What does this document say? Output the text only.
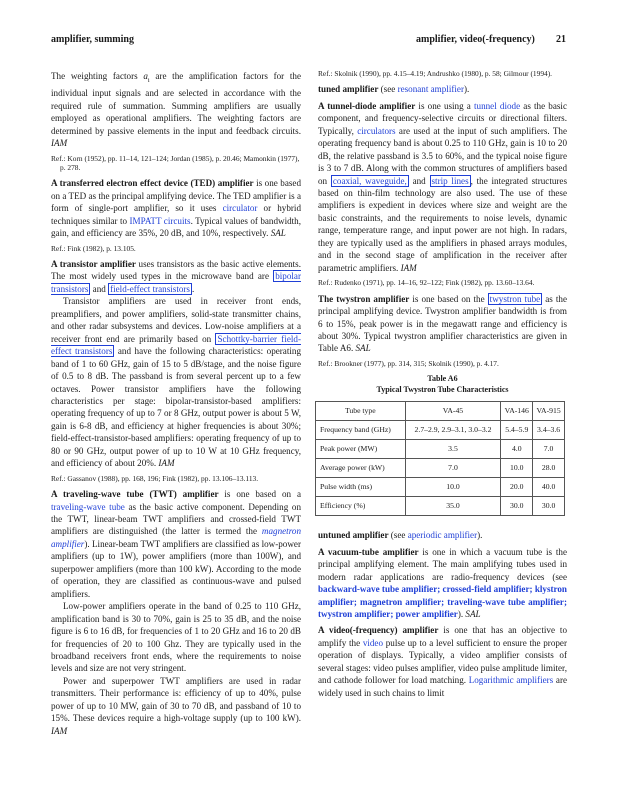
amplifier, summing	amplifier, video(-frequency) 21

The weighting factors $a_i$ are the amplification factors for the individual input signals and are selected in accordance with the required rule of summation. Summing amplifiers are usually employed as operational amplifiers. The weighting factors are determined by passive elements in the input and feedback circuits. IAM

Ref.: Korn (1952), pp. 11–14, 121–124; Jordan (1985), p. 20.46; Mamonkin (1977), p. 278.

A transferred electron effect device (TED) amplifier is one based on a TED as the principal amplifying device. The TED amplifier is a form of single-port amplifier, so it uses circulator or hybrid techniques similar to IMPATT circuits. Typical values of bandwidth, gain, and efficiency are 35%, 20 dB, and 10%, respectively. SAL

Ref.: Fink (1982), p. 13.105.

A transistor amplifier uses transistors as the basic active elements. The most widely used types in the microwave band are bipolar transistors and field-effect transistors .

Transistor amplifiers are used in receiver front ends, preamplifiers, and power amplifiers, solid-state transmitter chains, and other radar subsystems and devices. Low-noise amplifiers at a receiver front end are primarily based on Schottky-barrier field-effect transistors and have the following characteristics: operating band of 1 to 60 GHz, gain of 15 to 5 dB/stage, and the noise figure of 0.5 to 8 dB. The passband is from several percent up to a few octaves. Power transistor amplifiers have the following characteristics per stage: bipolar-transistor-based amplifiers: operating frequency of up to 7 or 8 GHz, output power is about 5 W, gain is 6-8 dB, and efficiency at higher frequencies is about 30%; field-effect-transistor-based amplifiers: operating frequency of up to 80 or 90 GHz, output power of up to 10 W at 10 GHz frequency, and efficiency of about 20%. IAM

Ref.: Gassanov (1988), pp. 168, 196; Fink (1982), pp. 13.106–13.113.

A traveling-wave tube (TWT) amplifier is one based on a traveling-wave tube as the basic active component. Depending on the TWT, linear-beam TWT amplifiers and crossed-field TWT amplifiers are distinguished (the latter is termed the magnetron amplifier). Linear-beam TWT amplifiers are classified as low-power amplifiers (up to 1W), power amplifiers (more than 100W), and superpower amplifiers (more than 100 kW). According to the mode of operation, they are classified as continuous-wave and pulsed amplifiers.

Low-power amplifiers operate in the band of 0.25 to 110 GHz, amplification band is 30 to 70%, gain is 25 to 35 dB, and the noise figure is 6 to 16 dB, for frequencies of 1 to 20 GHz and 16 to 20 dB for frequencies of 20 to 100 Ghz. They are typically used in the broadband receivers front ends, where the requirements to noise levels and size are not very stringent.

Power and superpower TWT amplifiers are used in radar transmitters. Their performance is: efficiency of up to 40%, pulse power of up to 10 MW, gain of 30 to 70 dB, and passband of 10 to 15%. These devices require a high-voltage supply (up to 100 kW). IAM

Ref.: Skolnik (1990), pp. 4.15–4.19; Andrushko (1980), p. 58; Gilmour (1994).

tuned amplifier (see resonant amplifier).

A tunnel-diode amplifier is one using a tunnel diode as the basic component, and frequency-selective circuits or directional filters. Typically, circulators are used at the input of such amplifiers. The operating frequency band is about 0.25 to 110 GHz, gain is 10 to 20 dB, the relative passband is 3.5 to 60%, and the typical noise figure is 3 to 7 dB. Along with the common structures of amplifiers based on coaxial, waveguide, and strip lines , the integrated structures based on thin-film technology are also used. The use of these amplifiers is expedient in devices where size and weight are the basic constraints, and the requirements to noise levels, dynamic range, temperature range, and input power are not high. In radars, they are typically used as the amplifiers in phased arrays modules, and in the second stage of amplification in the receiver after parametric amplifiers. IAM

Ref.: Rudenko (1971), pp. 14–16, 92–122; Fink (1982), pp. 13.60–13.64.

The twystron amplifier is one based on the twystron tube as the principal amplifying device. Twystron amplifier bandwidth is from 6 to 15%, peak power is in the megawatt range and efficiency is about 30%. Typical twystron amplifier characteristics are given in Table A6. SAL

Ref.: Brookner (1977), pp. 314, 315; Skolnik (1990), p. 4.17.

Table A6
Typical Twystron Tube Characteristics
Tube type	VA-45	VA-146	VA-915
Frequency band (GHz)	2.7–2.9, 2.9–3.1, 3.0–3.2	5.4–5.9	3.4–3.6
Peak power (MW)	3.5	4.0	7.0
Average power (kW)	7.0	10.0	28.0
Pulse width (ms)	10.0	20.0	40.0
Efficiency (%)	35.0	30.0	30.0

untuned amplifier (see aperiodic amplifier).

A vacuum-tube amplifier is one in which a vacuum tube is the principal amplifying element. The main amplifying tubes used in modern radar applications are radio-frequency devices (see backward-wave tube amplifier; crossed-field amplifier; klystron amplifier; magnetron amplifier; traveling-wave tube amplifier; twystron amplifier; power amplifier). SAL

A video(-frequency) amplifier is one that has an objective to amplify the video pulse up to a level sufficient to ensure the proper operation of displays. Typically, a video amplifier consists of several stages: video pulses amplifier, video pulse amplitude limiter, and cathode follower for load matching. Logarithmic amplifiers are widely used in such chains to limit
